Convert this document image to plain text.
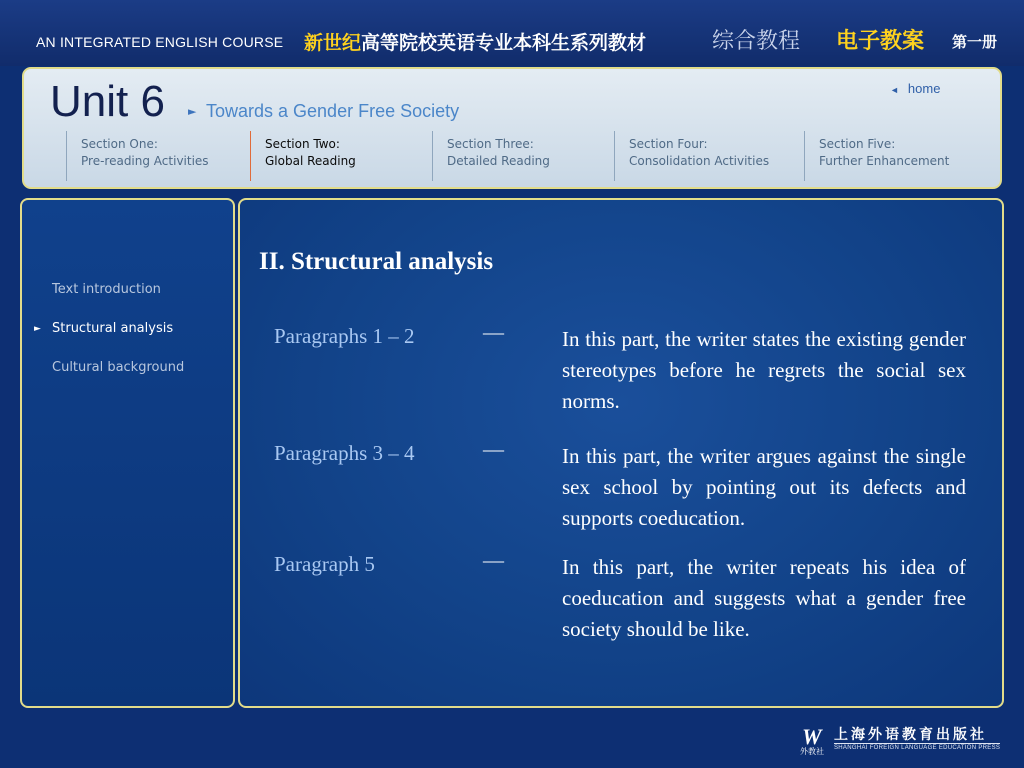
AN INTEGRATED ENGLISH COURSE 新世纪高等院校英语专业本科生系列教材	综合教程 电子教案 第一册
Unit 6 ► Towards a Gender Free Society
◄ home
Section One:
Pre-reading Activities
Section Two:
Global Reading
Section Three:
Detailed Reading
Section Four:
Consolidation Activities
Section Five:
Further Enhancement
Text introduction
► Structural analysis
Cultural background
II. Structural analysis
Paragraphs 1 – 2	—	In this part, the writer states the existing gender stereotypes before he regrets the social sex norms.
Paragraphs 3 – 4	—	In this part, the writer argues against the single sex school by pointing out its defects and supports coeducation.
Paragraph 5	—	In this part, the writer repeats his idea of coeducation and suggests what a gender free society should be like.
W
外教社
上海外语教育出版社
SHANGHAI FOREIGN LANGUAGE EDUCATION PRESS
